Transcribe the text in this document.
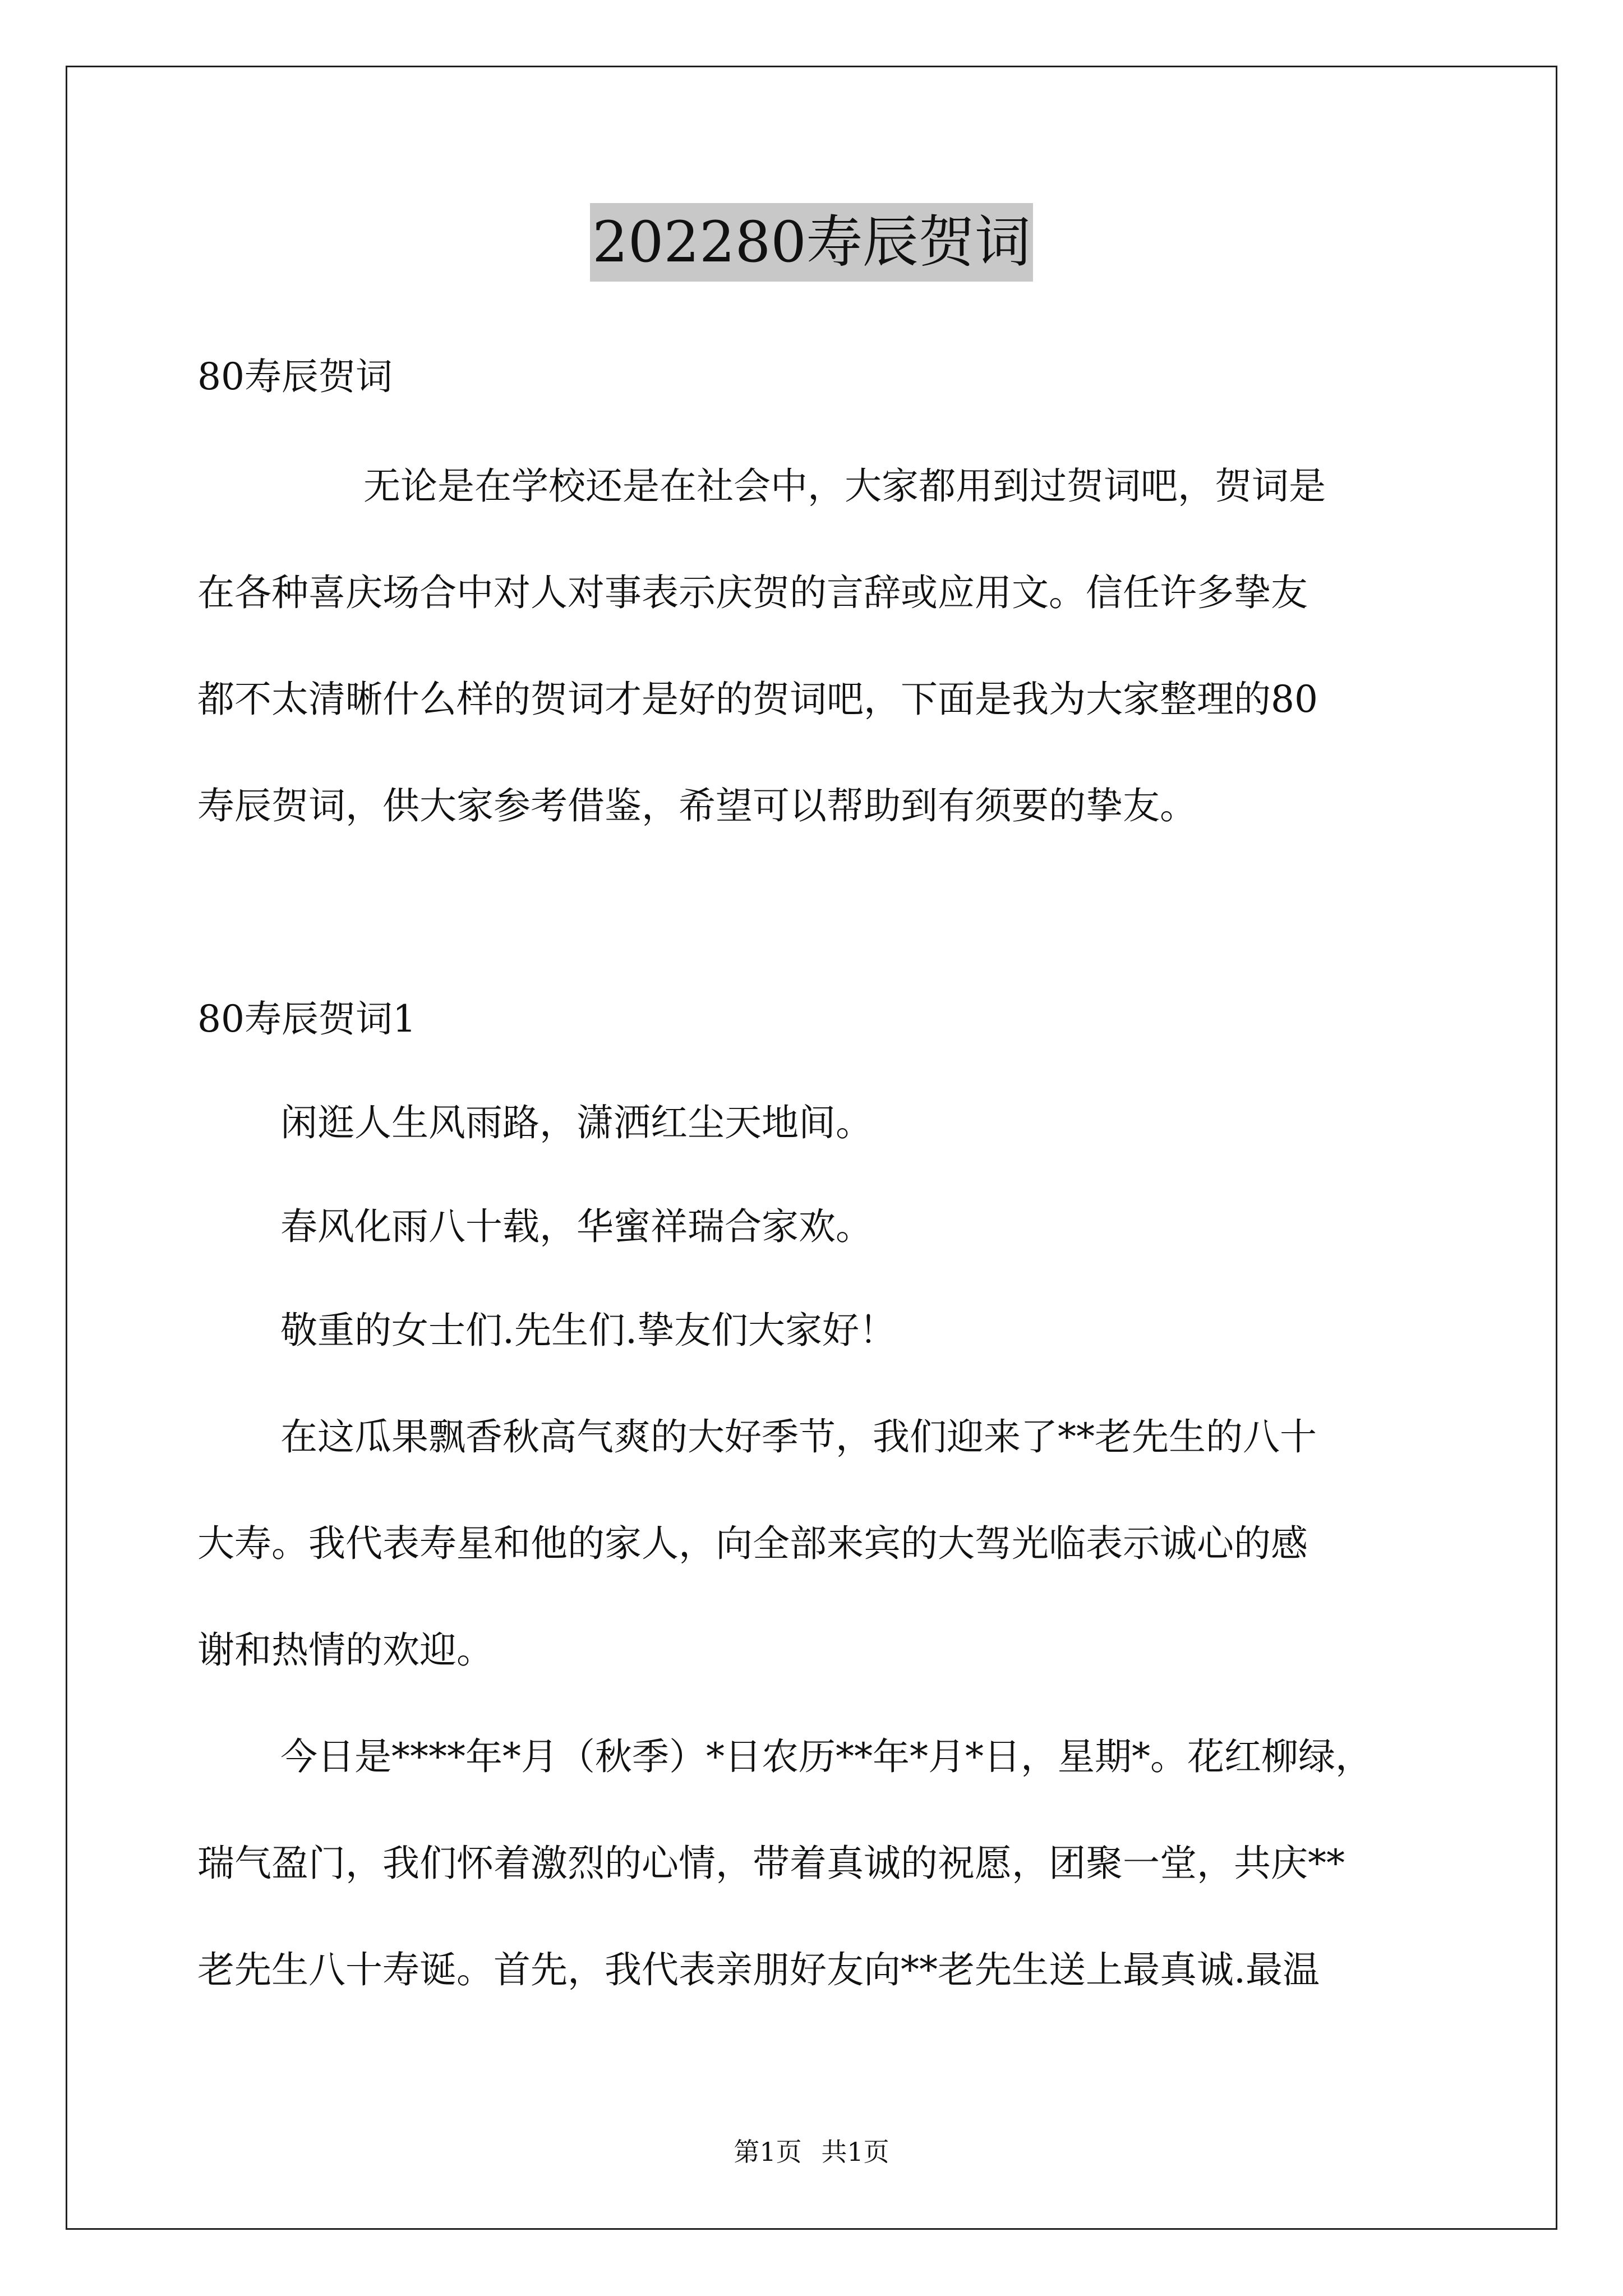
202280寿辰贺词
80寿辰贺词
无论是在学校还是在社会中，大家都用到过贺词吧，贺词是
在各种喜庆场合中对人对事表示庆贺的言辞或应用文。信任许多挚友
都不太清晰什么样的贺词才是好的贺词吧，下面是我为大家整理的80
寿辰贺词，供大家参考借鉴，希望可以帮助到有须要的挚友。
80寿辰贺词1
闲逛人生风雨路，潇洒红尘天地间。
春风化雨八十载，华蜜祥瑞合家欢。
敬重的女士们.先生们.挚友们大家好！
在这瓜果飘香秋高气爽的大好季节，我们迎来了**老先生的八十
大寿。我代表寿星和他的家人，向全部来宾的大驾光临表示诚心的感
谢和热情的欢迎。
今日是****年*月（秋季）*日农历**年*月*日，星期*。花红柳绿，
瑞气盈门，我们怀着激烈的心情，带着真诚的祝愿，团聚一堂，共庆**
老先生八十寿诞。首先，我代表亲朋好友向**老先生送上最真诚.最温
第1页 共1页
